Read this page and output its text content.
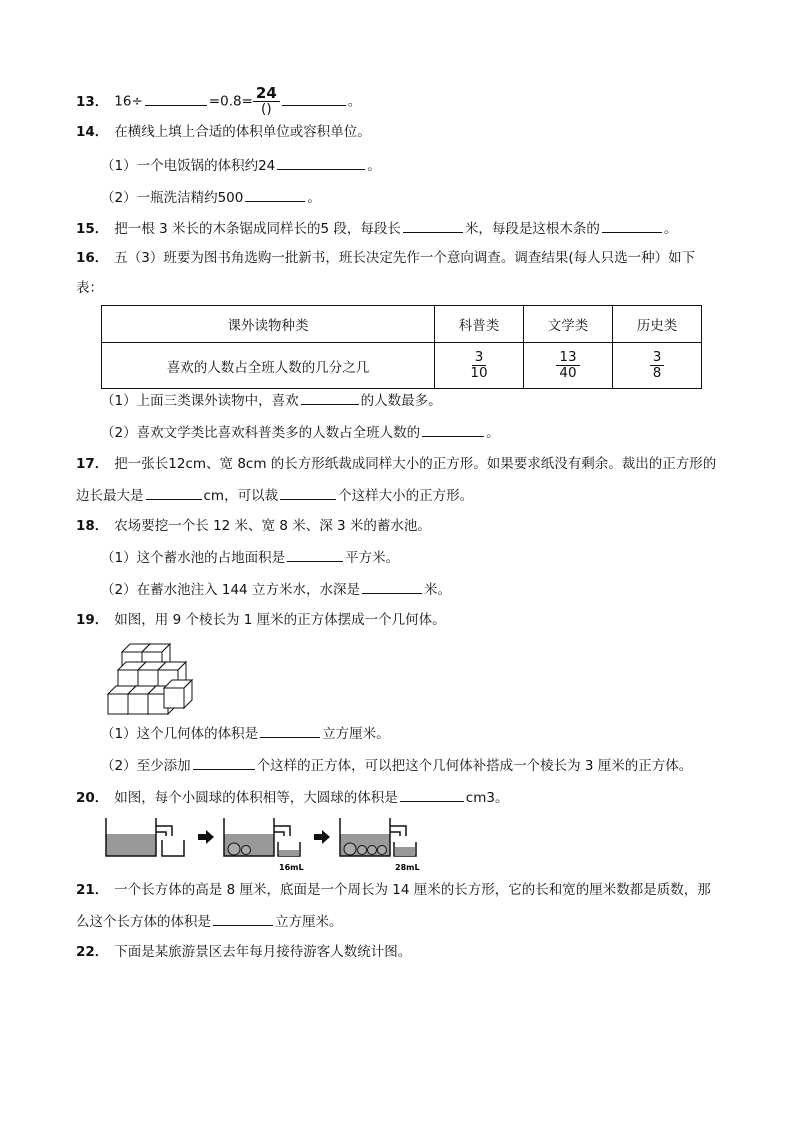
13． 16÷	$=0.8= \frac{24}{()}$	。
14． 在横线上填上合适的体积单位或容积单位。
（1）一个电饭锅的体积约24	。
（2）一瓶洗洁精约500	。
15． 把一根 3 米长的木条锯成同样长的5 段，每段长	米，每段是这根木条的	。
16． 五（3）班要为图书角选购一批新书，班长决定先作一个意向调查。调查结果(每人只选一种）如下
表：
课外读物种类	科普类	文学类	历史类
喜欢的人数占全班人数的几分之几	$\frac{3}{10}$	$\frac{13}{40}$	$\frac{3}{8}$
（1）上面三类课外读物中，喜欢	的人数最多。
（2）喜欢文学类比喜欢科普类多的人数占全班人数的	。
17． 把一张长12cm、宽 8cm 的长方形纸裁成同样大小的正方形。如果要求纸没有剩余。裁出的正方形的
边长最大是	cm，可以裁	个这样大小的正方形。
18． 农场要挖一个长 12 米、宽 8 米、深 3 米的蓄水池。
（1）这个蓄水池的占地面积是	平方米。
（2）在蓄水池注入 144 立方米水，水深是	米。
19． 如图，用 9 个棱长为 1 厘米的正方体摆成一个几何体。
（1）这个几何体的体积是	立方厘米。
（2）至少添加	个这样的正方体，可以把这个几何体补搭成一个棱长为 3 厘米的正方体。
20． 如图，每个小圆球的体积相等，大圆球的体积是	cm3。
16mL	28mL
21． 一个长方体的高是 8 厘米，底面是一个周长为 14 厘米的长方形，它的长和宽的厘米数都是质数，那
么这个长方体的体积是	立方厘米。
22． 下面是某旅游景区去年每月接待游客人数统计图。
